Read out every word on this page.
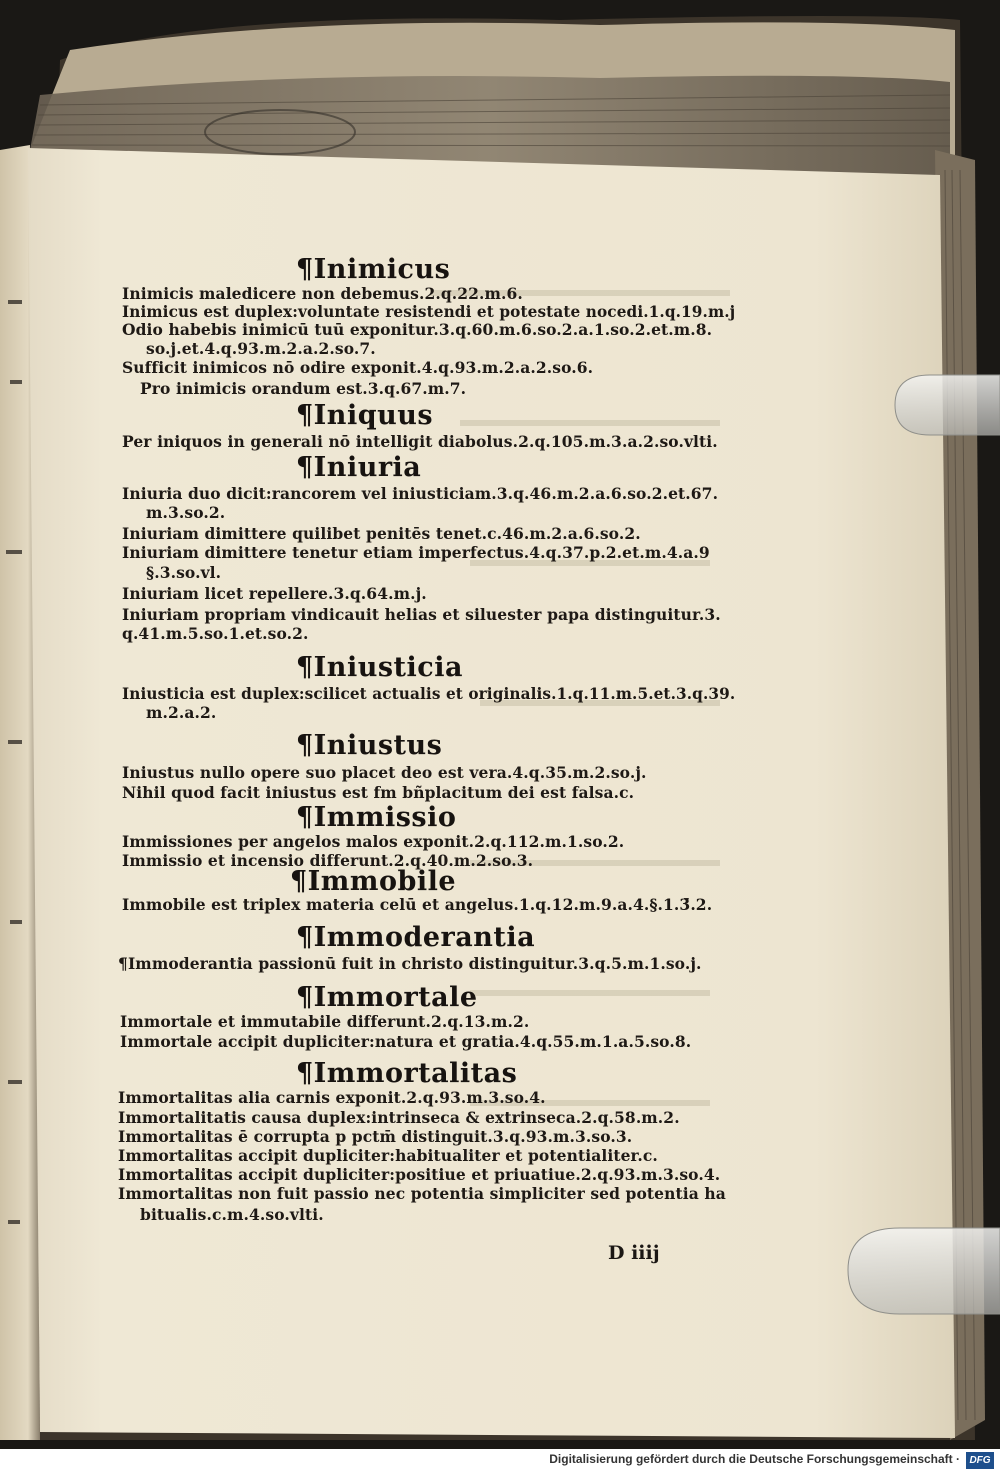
¶Inimicus
Inimicis maledicere non debemus.2.q.22.m.6.
Inimicus est duplex:voluntate resistendi et potestate nocedi.1.q.19.m.j
Odio habebis inimicū tuū exponitur.3.q.60.m.6.so.2.a.1.so.2.et.m.8.
so.j.et.4.q.93.m.2.a.2.so.7.
Sufficit inimicos nō odire exponit.4.q.93.m.2.a.2.so.6.
Pro inimicis orandum est.3.q.67.m.7.
¶Iniquus
Per iniquos in generali nō intelligit diabolus.2.q.105.m.3.a.2.so.vlti.
¶Iniuria
Iniuria duo dicit:rancorem vel iniusticiam.3.q.46.m.2.a.6.so.2.et.67.
m.3.so.2.
Iniuriam dimittere quilibet penitēs tenet.c.46.m.2.a.6.so.2.
Iniuriam dimittere tenetur etiam imperfectus.4.q.37.p.2.et.m.4.a.9
§.3.so.vl.
Iniuriam licet repellere.3.q.64.m.j.
Iniuriam propriam vindicauit helias et siluester papa distinguitur.3.
q.41.m.5.so.1.et.so.2.
¶Iniusticia
Iniusticia est duplex:scilicet actualis et originalis.1.q.11.m.5.et.3.q.39.
m.2.a.2.
¶Iniustus
Iniustus nullo opere suo placet deo est vera.4.q.35.m.2.so.j.
Nihil quod facit iniustus est fm bñplacitum dei est falsa.c.
¶Immissio
Immissiones per angelos malos exponit.2.q.112.m.1.so.2.
Immissio et incensio differunt.2.q.40.m.2.so.3.
¶Immobile
Immobile est triplex materia celū et angelus.1.q.12.m.9.a.4.§.1.3̄.2.
¶Immoderantia
¶Immoderantia passionū fuit in christo distinguitur.3.q.5.m.1.so.j.
¶Immortale
Immortale et immutabile differunt.2.q.13.m.2.
Immortale accipit dupliciter:natura et gratia.4.q.55.m.1.a.5.so.8.
¶Immortalitas
Immortalitas alia carnis exponit.2.q.93.m.3.so.4.
Immortalitatis causa duplex:intrinseca & extrinseca.2.q.58.m.2.
Immortalitas ē corrupta p pctm̄ distinguit.3.q.93.m.3.so.3.
Immortalitas accipit dupliciter:habitualiter et potentialiter.c.
Immortalitas accipit dupliciter:positiue et priuatiue.2.q.93.m.3.so.4.
Immortalitas non fuit passio nec potentia simpliciter sed potentia ha
bitualis.c.m.4.so.vlti.
D iiij
Digitalisierung gefördert durch die Deutsche Forschungsgemeinschaft · DFG
